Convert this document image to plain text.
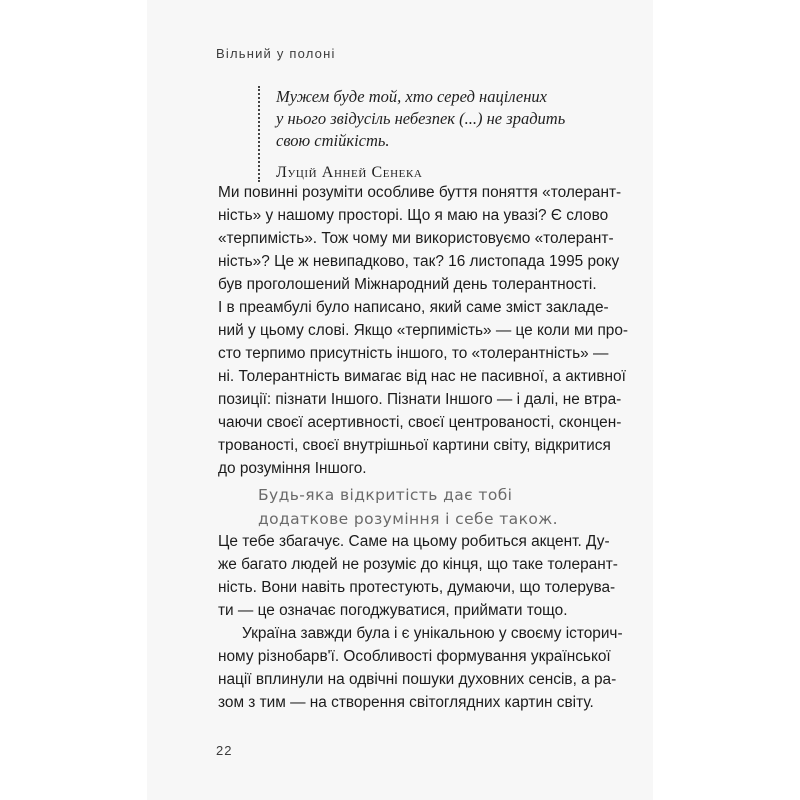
Вільний у полоні
Мужем буде той, хто серед націлених
у нього звідусіль небезпек (...) не зрадить
свою стійкість.
Луцій Анней Сенека
Ми повинні розуміти особливе буття поняття «толерант-
ність» у нашому просторі. Що я маю на увазі? Є слово
«терпимість». Тож чому ми використовуємо «толерант-
ність»? Це ж невипадково, так? 16 листопада 1995 року
був проголошений Міжнародний день толерантності.
І в преамбулі було написано, який саме зміст закладе-
ний у цьому слові. Якщо «терпимість» — це коли ми про-
сто терпимо присутність іншого, то «толерантність» —
ні. Толерантність вимагає від нас не пасивної, а активної
позиції: пізнати Іншого. Пізнати Іншого — і далі, не втра-
чаючи своєї асертивності, своєї центрованості, сконцен-
трованості, своєї внутрішньої картини світу, відкритися
до розуміння Іншого.
Будь-яка відкритість дає тобі
додаткове розуміння і себе також.
Це тебе збагачує. Саме на цьому робиться акцент. Ду-
же багато людей не розуміє до кінця, що таке толерант-
ність. Вони навіть протестують, думаючи, що толерува-
ти — це означає погоджуватися, приймати тощо.
Україна завжди була і є унікальною у своєму історич-
ному різнобарв'ї. Особливості формування української
нації вплинули на одвічні пошуки духовних сенсів, а ра-
зом з тим — на створення світоглядних картин світу.
22
